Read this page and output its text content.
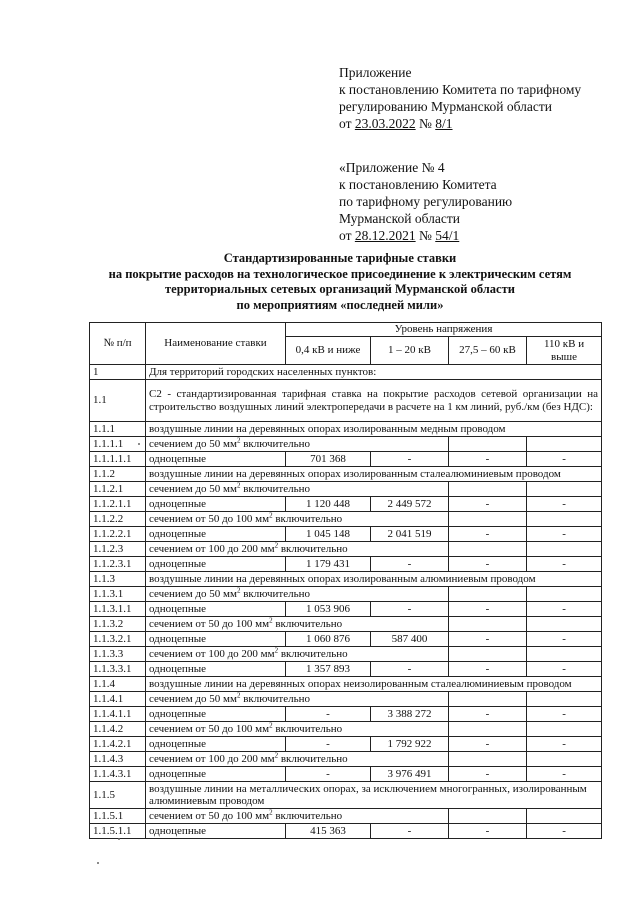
Приложение
к постановлению Комитета по тарифному
регулированию Мурманской области
от 23.03.2022 № 8/1
«Приложение № 4
к постановлению Комитета
по тарифному регулированию
Мурманской области
от 28.12.2021 № 54/1
Стандартизированные тарифные ставки
на покрытие расходов на технологическое присоединение к электрическим сетям
территориальных сетевых организаций Мурманской области
по мероприятиям «последней мили»
№ п/п	Наименование ставки	Уровень напряжения			
		0,4 кВ и ниже	1 – 20 кВ	27,5 – 60 кВ	110 кВ и выше
1	Для территорий городских населенных пунктов:				
1.1	С2 - стандартизированная тарифная ставка на покрытие расходов сетевой организации на строительство воздушных линий электропередачи в расчете на 1 км линий, руб./км (без НДС):				
1.1.1	воздушные линии на деревянных опорах изолированным медным проводом				
1.1.1.1	сечением до 50 $мм^2$ включительно				
1.1.1.1.1	одноцепные	701 368	-	-	-
1.1.2	воздушные линии на деревянных опорах изолированным сталеалюминиевым проводом				
1.1.2.1	сечением до 50 $мм^2$ включительно				
1.1.2.1.1	одноцепные	1 120 448	2 449 572	-	-
1.1.2.2	сечением от 50 до 100 $мм^2$ включительно				
1.1.2.2.1	одноцепные	1 045 148	2 041 519	-	-
1.1.2.3	сечением от 100 до 200 $мм^2$ включительно				
1.1.2.3.1	одноцепные	1 179 431	-	-	-
1.1.3	воздушные линии на деревянных опорах изолированным алюминиевым проводом				
1.1.3.1	сечением до 50 $мм^2$ включительно				
1.1.3.1.1	одноцепные	1 053 906	-	-	-
1.1.3.2	сечением от 50 до 100 $мм^2$ включительно				
1.1.3.2.1	одноцепные	1 060 876	587 400	-	-
1.1.3.3	сечением от 100 до 200 $мм^2$ включительно				
1.1.3.3.1	одноцепные	1 357 893	-	-	-
1.1.4	воздушные линии на деревянных опорах неизолированным сталеалюминиевым проводом				
1.1.4.1	сечением до 50 $мм^2$ включительно				
1.1.4.1.1	одноцепные	-	3 388 272	-	-
1.1.4.2	сечением от 50 до 100 $мм^2$ включительно				
1.1.4.2.1	одноцепные	-	1 792 922	-	-
1.1.4.3	сечением от 100 до 200 $мм^2$ включительно				
1.1.4.3.1	одноцепные	-	3 976 491	-	-
1.1.5	воздушные линии на металлических опорах, за исключением многогранных, изолированным алюминиевым проводом				
1.1.5.1	сечением от 50 до 100 $мм^2$ включительно				
1.1.5.1.1	одноцепные	415 363	-	-	-
